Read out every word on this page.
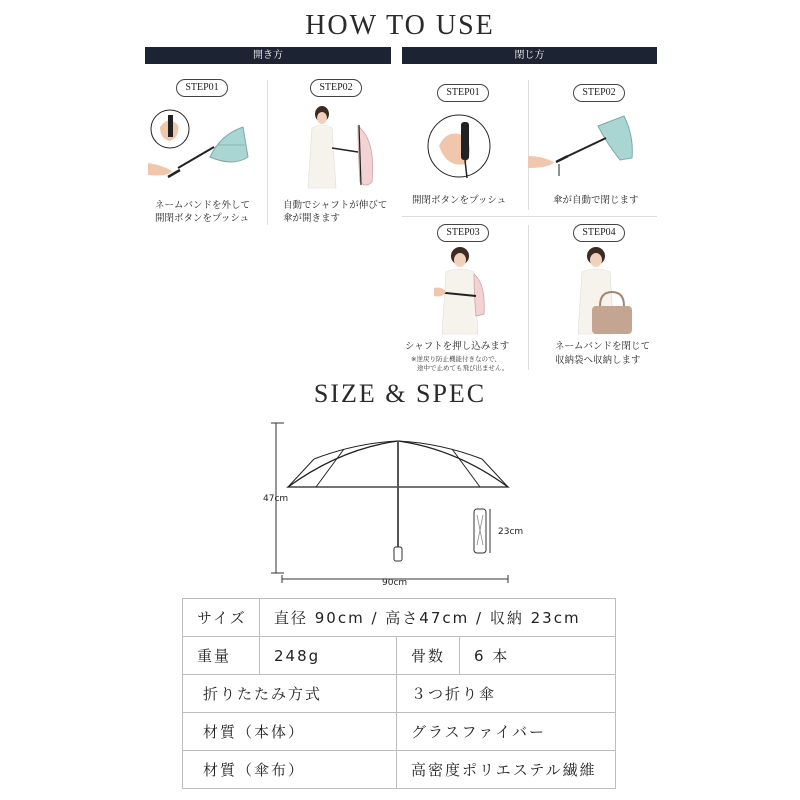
HOW TO USE
開き方	閉じ方
STEP01
ネームバンドを外して
開閉ボタンをプッシュ
STEP02
自動でシャフトが伸びて
傘が開きます
STEP01
開閉ボタンをプッシュ
STEP02
傘が自動で閉じます
STEP03
シャフトを押し込みます
※逆戻り防止機能付きなので、
途中で止めても飛び出ません。
STEP04
ネームバンドを閉じて
収納袋へ収納します
SIZE & SPEC
47cm
23cm
90cm
サイズ	直径 90cm / 高さ47cm / 収納 23cm		
重量	248g	骨数	6 本
折りたたみ方式		３つ折り傘	
材質（本体）		グラスファイバー	
材質（傘布）		高密度ポリエステル繊維	
